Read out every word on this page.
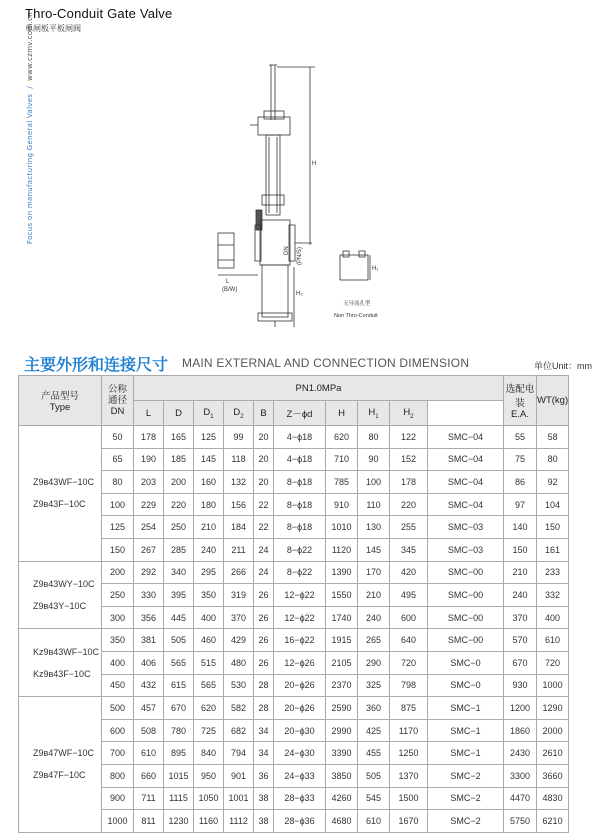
Focus on manufacturing General Valves  /  www.czmv.com.cn
Thro-Conduit Gate Valve
单闸板平板闸阀
H
DN (PN/S)
H₂
L
(B/W)
H₁
无导流孔型
Non Thro-Conduit
主要外形和连接尺寸 MAIN EXTERNAL AND CONNECTION DIMENSION	单位Unit：mm
产品型号
Type	公称
通径
DN	PN1.0MPa										选配电装
E.A.	WT(kg)
		L	D	$D_1$	$D_2$	B	Z－ϕd	H	$H_1$	$H_2$

Z9в43WF−10C
Z9в43F−10C	50	178	165	125	99	20	4−ϕ18	620	80	122	SMC−04	55	58
	65	190	185	145	118	20	4−ϕ18	710	90	152	SMC−04	75	80
	80	203	200	160	132	20	8−ϕ18	785	100	178	SMC−04	86	92
	100	229	220	180	156	22	8−ϕ18	910	110	220	SMC−04	97	104
	125	254	250	210	184	22	8−ϕ18	1010	130	255	SMC−03	140	150
	150	267	285	240	211	24	8−ϕ22	1120	145	345	SMC−03	150	161

Z9в43WY−10C
Z9в43Y−10C	200	292	340	295	266	24	8−ϕ22	1390	170	420	SMC−00	210	233
	250	330	395	350	319	26	12−ϕ22	1550	210	495	SMC−00	240	332
	300	356	445	400	370	26	12−ϕ22	1740	240	600	SMC−00	370	400

Kz9в43WF−10C
Kz9в43F−10C	350	381	505	460	429	26	16−ϕ22	1915	265	640	SMC−00	570	610
	400	406	565	515	480	26	12−ϕ26	2105	290	720	SMC−0	670	720
	450	432	615	565	530	28	20−ϕ26	2370	325	798	SMC−0	930	1000

Z9в47WF−10C
Z9в47F−10C	500	457	670	620	582	28	20−ϕ26	2590	360	875	SMC−1	1200	1290
	600	508	780	725	682	34	20−ϕ30	2990	425	1170	SMC−1	1860	2000
	700	610	895	840	794	34	24−ϕ30	3390	455	1250	SMC−1	2430	2610
	800	660	1015	950	901	36	24−ϕ33	3850	505	1370	SMC−2	3300	3660
	900	711	1115	1050	1001	38	28−ϕ33	4260	545	1500	SMC−2	4470	4830
	1000	811	1230	1160	1112	38	28−ϕ36	4680	610	1670	SMC−2	5750	6210
